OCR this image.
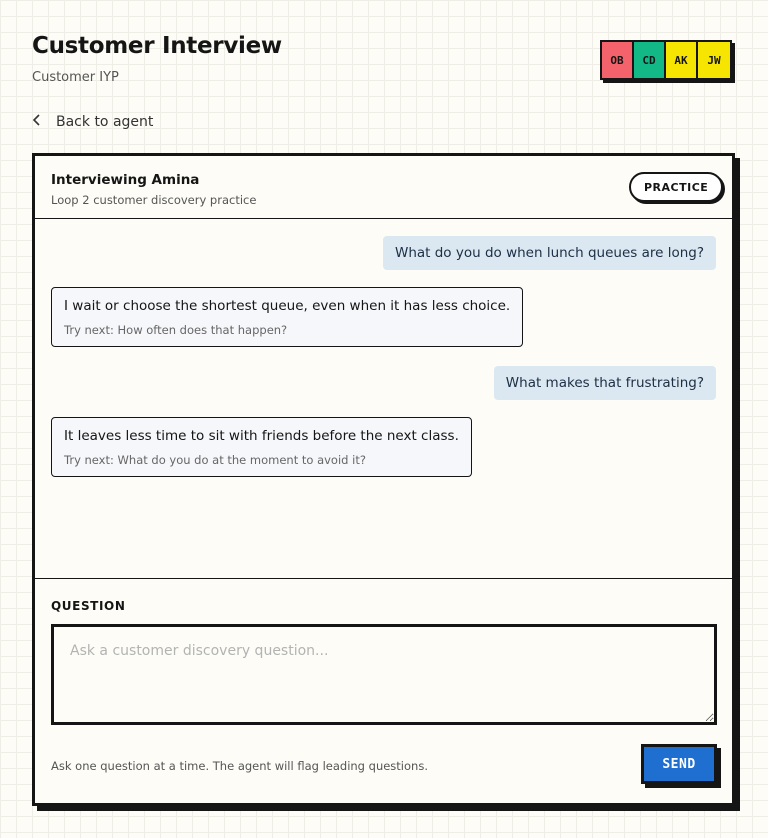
Customer Interview
Customer IYP
OB	CD	AK	JW
Back to agent
Interviewing Amina
Loop 2 customer discovery practice
PRACTICE
What do you do when lunch queues are long?
I wait or choose the shortest queue, even when it has less choice.
Try next: How often does that happen?
What makes that frustrating?
It leaves less time to sit with friends before the next class.
Try next: What do you do at the moment to avoid it?
QUESTION
Ask a customer discovery question...
Ask one question at a time. The agent will flag leading questions.	SEND
